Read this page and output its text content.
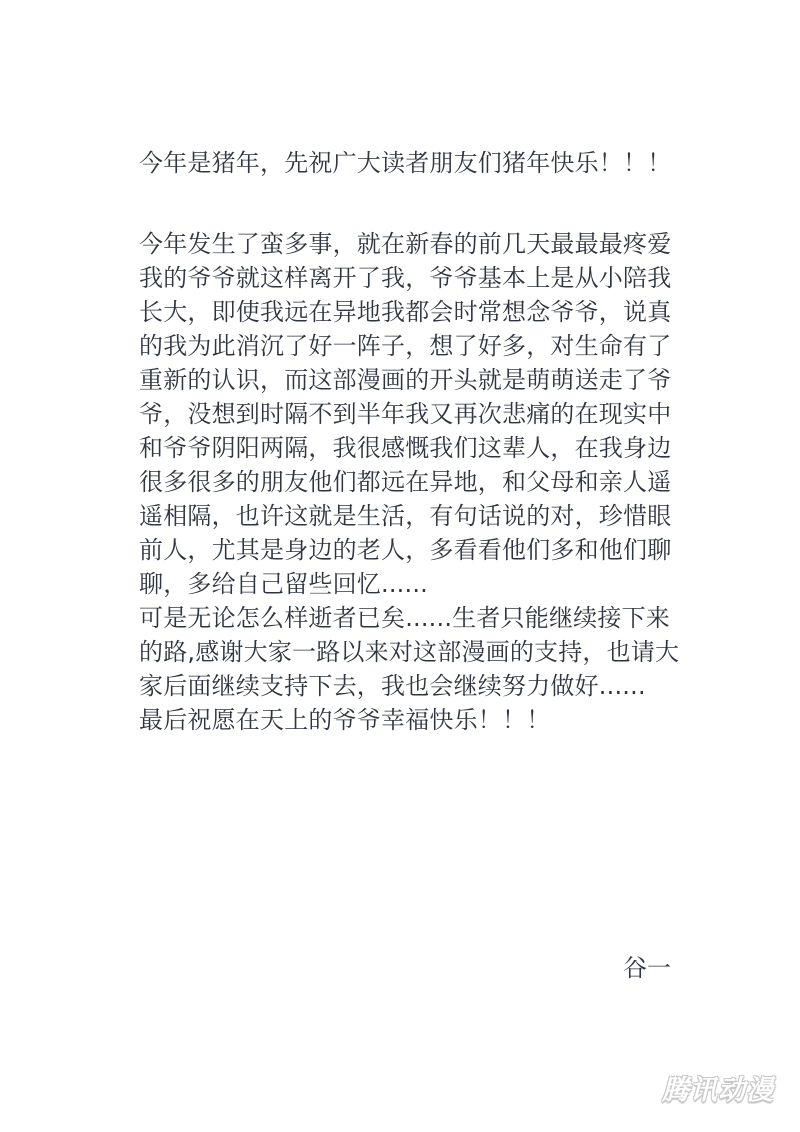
今年是猪年，先祝广大读者朋友们猪年快乐！！！
今年发生了蛮多事，就在新春的前几天最最最疼爱
我的爷爷就这样离开了我，爷爷基本上是从小陪我
长大，即使我远在异地我都会时常想念爷爷，说真
的我为此消沉了好一阵子，想了好多，对生命有了
重新的认识，而这部漫画的开头就是萌萌送走了爷
爷，没想到时隔不到半年我又再次悲痛的在现实中
和爷爷阴阳两隔，我很感慨我们这辈人，在我身边
很多很多的朋友他们都远在异地，和父母和亲人遥
遥相隔，也许这就是生活，有句话说的对，珍惜眼
前人，尤其是身边的老人，多看看他们多和他们聊
聊，多给自己留些回忆......
可是无论怎么样逝者已矣......生者只能继续接下来
的路,感谢大家一路以来对这部漫画的支持，也请大
家后面继续支持下去，我也会继续努力做好......
最后祝愿在天上的爷爷幸福快乐！！！
谷一
腾讯动漫
